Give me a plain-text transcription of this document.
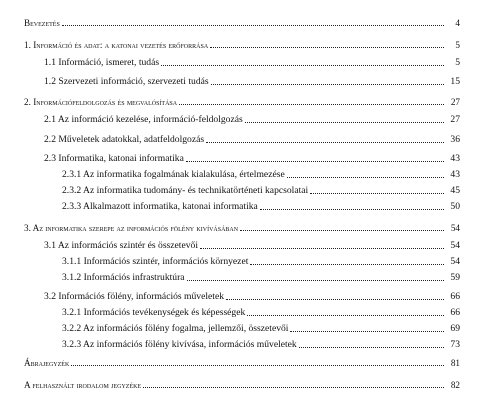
Bevezetés	4
1. Információ és adat: a katonai vezetés erőforrása	5
1.1 Információ, ismeret, tudás	5
1.2 Szervezeti információ, szervezeti tudás	15
2. Információfeldolgozás és megvalósítása	27
2.1 Az információ kezelése, információ-feldolgozás	27
2.2 Műveletek adatokkal, adatfeldolgozás	36
2.3 Informatika, katonai informatika	43
2.3.1 Az informatika fogalmának kialakulása, értelmezése	43
2.3.2 Az informatika tudomány- és technikatörténeti kapcsolatai	45
2.3.3 Alkalmazott informatika, katonai informatika	50
3. Az informatika szerepe az információs fölény kivívásában	54
3.1 Az információs szintér és összetevői	54
3.1.1 Információs szintér, információs környezet	54
3.1.2 Információs infrastruktúra	59
3.2 Információs fölény, információs műveletek	66
3.2.1 Információs tevékenységek és képességek	66
3.2.2 Az információs fölény fogalma, jellemzői, összetevői	69
3.2.3 Az információs fölény kivívása, információs műveletek	73
Ábrajegyzék	81
A felhasznált irodalom jegyzéke	82
